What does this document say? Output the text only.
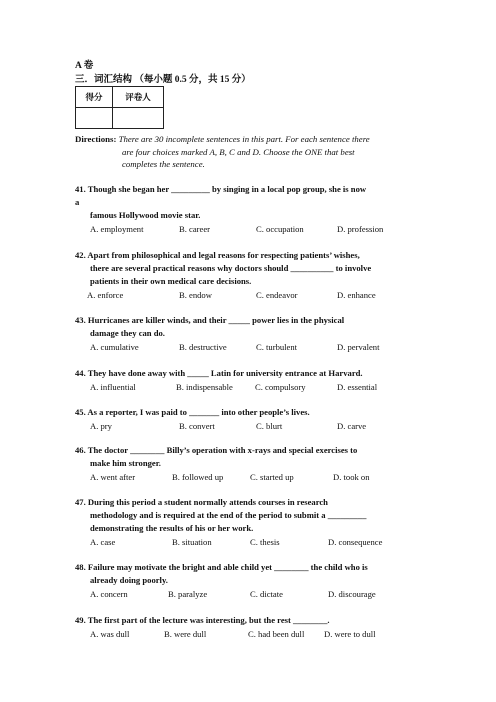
A 卷
三．词汇结构 （每小题 0.5 分，共 15 分）
得分	评卷人

Directions: There are 30 incomplete sentences in this part. For each sentence there
are four choices marked A, B, C and D. Choose the ONE that best
completes the sentence.
41. Though she began her _________ by singing in a local pop group, she is now
a
famous Hollywood movie star.
A. employment	B. career	C. occupation	D. profession
42. Apart from philosophical and legal reasons for respecting patients’ wishes,
there are several practical reasons why doctors should __________ to involve
patients in their own medical care decisions.
A. enforce	B. endow	C. endeavor	D. enhance
43. Hurricanes are killer winds, and their _____ power lies in the physical
damage they can do.
A. cumulative	B. destructive	C. turbulent	D. pervalent
44. They have done away with _____ Latin for university entrance at Harvard.
A. influential	B. indispensable	C. compulsory	D. essential
45. As a reporter, I was paid to _______ into other people’s lives.
A. pry	B. convert	C. blurt	D. carve
46. The doctor ________ Billy’s operation with x-rays and special exercises to
make him stronger.
A. went after	B. followed up	C. started up	D. took on
47. During this period a student normally attends courses in research
methodology and is required at the end of the period to submit a _________
demonstrating the results of his or her work.
A. case	B. situation	C. thesis	D. consequence
48. Failure may motivate the bright and able child yet ________ the child who is
already doing poorly.
A. concern	B. paralyze	C. dictate	D. discourage
49. The first part of the lecture was interesting, but the rest ________.
A. was dull	B. were dull	C. had been dull D. were to dull
